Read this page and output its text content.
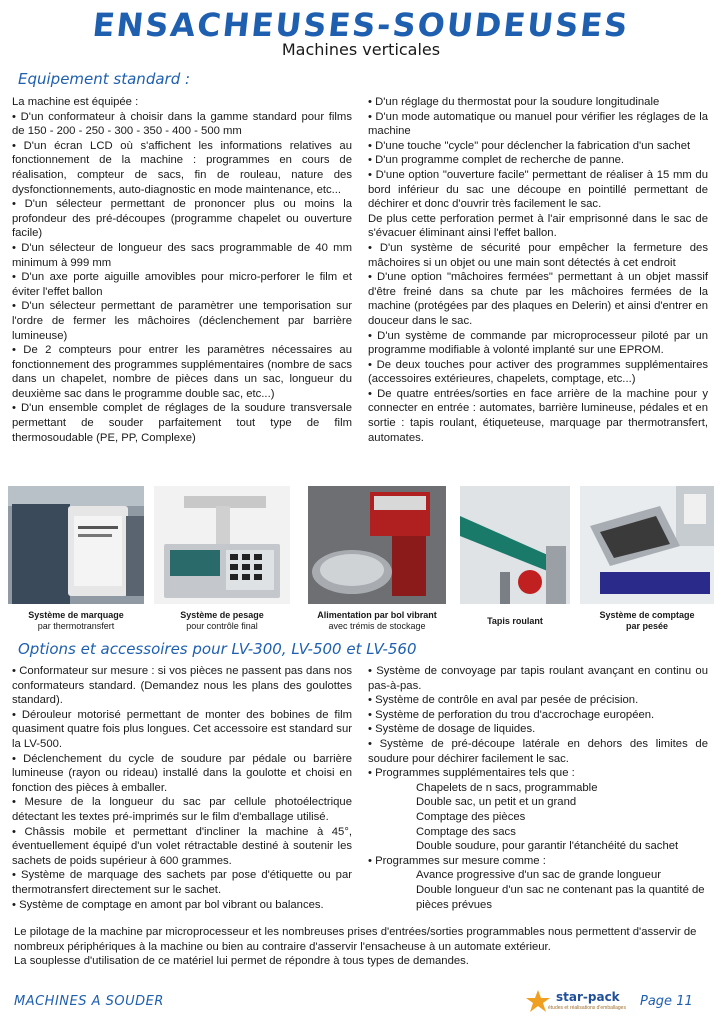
ENSACHEUSES-SOUDEUSES
Machines verticales
Equipement standard :

La machine est équipée :

• D'un conformateur à choisir dans la gamme standard pour films de 150 - 200 - 250 - 300 - 350 - 400 - 500 mm

• D'un écran LCD où s'affichent les informations relatives au fonctionnement de la machine : programmes en cours de réalisation, compteur de sacs, fin de rouleau, nature des dysfonctionnements, auto-diagnostic en mode maintenance, etc...

• D'un sélecteur permettant de prononcer plus ou moins la profondeur des pré-découpes (programme chapelet ou ouverture facile)

• D'un sélecteur de longueur des sacs programmable de 40 mm minimum à 999 mm

• D'un axe porte aiguille amovibles pour micro-perforer le film et éviter l'effet ballon

• D'un sélecteur permettant de paramètrer une temporisation sur l'ordre de fermer les mâchoires (déclenchement par barrière lumineuse)

• De 2 compteurs pour entrer les paramètres nécessaires au fonctionnement des programmes supplémentaires (nombre de sacs dans un chapelet, nombre de pièces dans un sac, longueur du deuxième sac dans le programme double sac, etc...)

• D'un ensemble complet de réglages de la soudure transversale permettant de souder parfaitement tout type de film thermosoudable (PE, PP, Complexe)

• D'un réglage du thermostat pour la soudure longitudinale

• D'un mode automatique ou manuel pour vérifier les réglages de la machine

• D'une touche "cycle" pour déclencher la fabrication d'un sachet

• D'un programme complet de recherche de panne.

• D'une option "ouverture facile" permettant de réaliser à 15 mm du bord inférieur du sac une découpe en pointillé permettant de déchirer et donc d'ouvrir très facilement le sac.

De plus cette perforation permet à l'air emprisonné dans le sac de s'évacuer éliminant ainsi l'effet ballon.

• D'un système de sécurité pour empêcher la fermeture des mâchoires si un objet ou une main sont détectés à cet endroit

• D'une option "mâchoires fermées" permettant à un objet massif d'être freiné dans sa chute par les mâchoires fermées de la machine (protégées par des plaques en Delerin) et ainsi d'entrer en douceur dans le sac.

• D'un système de commande par microprocesseur piloté par un programme modifiable à volonté implanté sur une EPROM.

• De deux touches pour activer des programmes supplémentaires (accessoires extérieures, chapelets, comptage, etc...)

• De quatre entrées/sorties en face arrière de la machine pour y connecter en entrée : automates, barrière lumineuse, pédales et en sortie : tapis roulant, étiqueteuse, marquage par thermotransfert, automates.

Système de marquage
par thermotransfert
Système de pesage
pour contrôle final
Alimentation par bol vibrant
avec trémis de stockage	Tapis roulant
Système de comptage
par pesée
Options et accessoires pour LV-300, LV-500 et LV-560

• Conformateur sur mesure : si vos pièces ne passent pas dans nos conformateurs standard. (Demandez nous les plans des goulottes standard).

• Dérouleur motorisé permettant de monter des bobines de film quasiment quatre fois plus longues. Cet accessoire est standard sur la LV-500.

• Déclenchement du cycle de soudure par pédale ou barrière lumineuse (rayon ou rideau) installé dans la goulotte et choisi en fonction des pièces à emballer.

• Mesure de la longueur du sac par cellule photoélectrique détectant les textes pré-imprimés sur le film d'emballage utilisé.

• Châssis mobile et permettant d'incliner la machine à 45°, éventuellement équipé d'un volet rétractable destiné à soutenir les sachets de poids supérieur à 600 grammes.

• Système de marquage des sachets par pose d'étiquette ou par thermotransfert directement sur le sachet.

• Système de comptage en amont par bol vibrant ou balances.

• Système de convoyage par tapis roulant avançant en continu ou pas-à-pas.

• Système de contrôle en aval par pesée de précision.

• Système de perforation du trou d'accrochage européen.

• Système de dosage de liquides.

• Système de pré-découpe latérale en dehors des limites de soudure pour déchirer facilement le sac.

• Programmes supplémentaires tels que :

Chapelets de n sacs, programmable

Double sac, un petit et un grand

Comptage des pièces

Comptage des sacs

Double soudure, pour garantir l'étanchéité du sachet

• Programmes sur mesure comme :

Avance progressive d'un sac de grande longueur

Double longueur d'un sac ne contenant pas la quantité de pièces prévues

Le pilotage de la machine par microprocesseur et les nombreuses prises d'entrées/sorties programmables nous permettent d'asservir de nombreux périphériques à la machine ou bien au contraire d'asservir l'ensacheuse à un automate extérieur.

La souplesse d'utilisation de ce matériel lui permet de répondre à tous types de demandes.

MACHINES A SOUDER	star-pack
études et réalisations d'emballages Page 11
